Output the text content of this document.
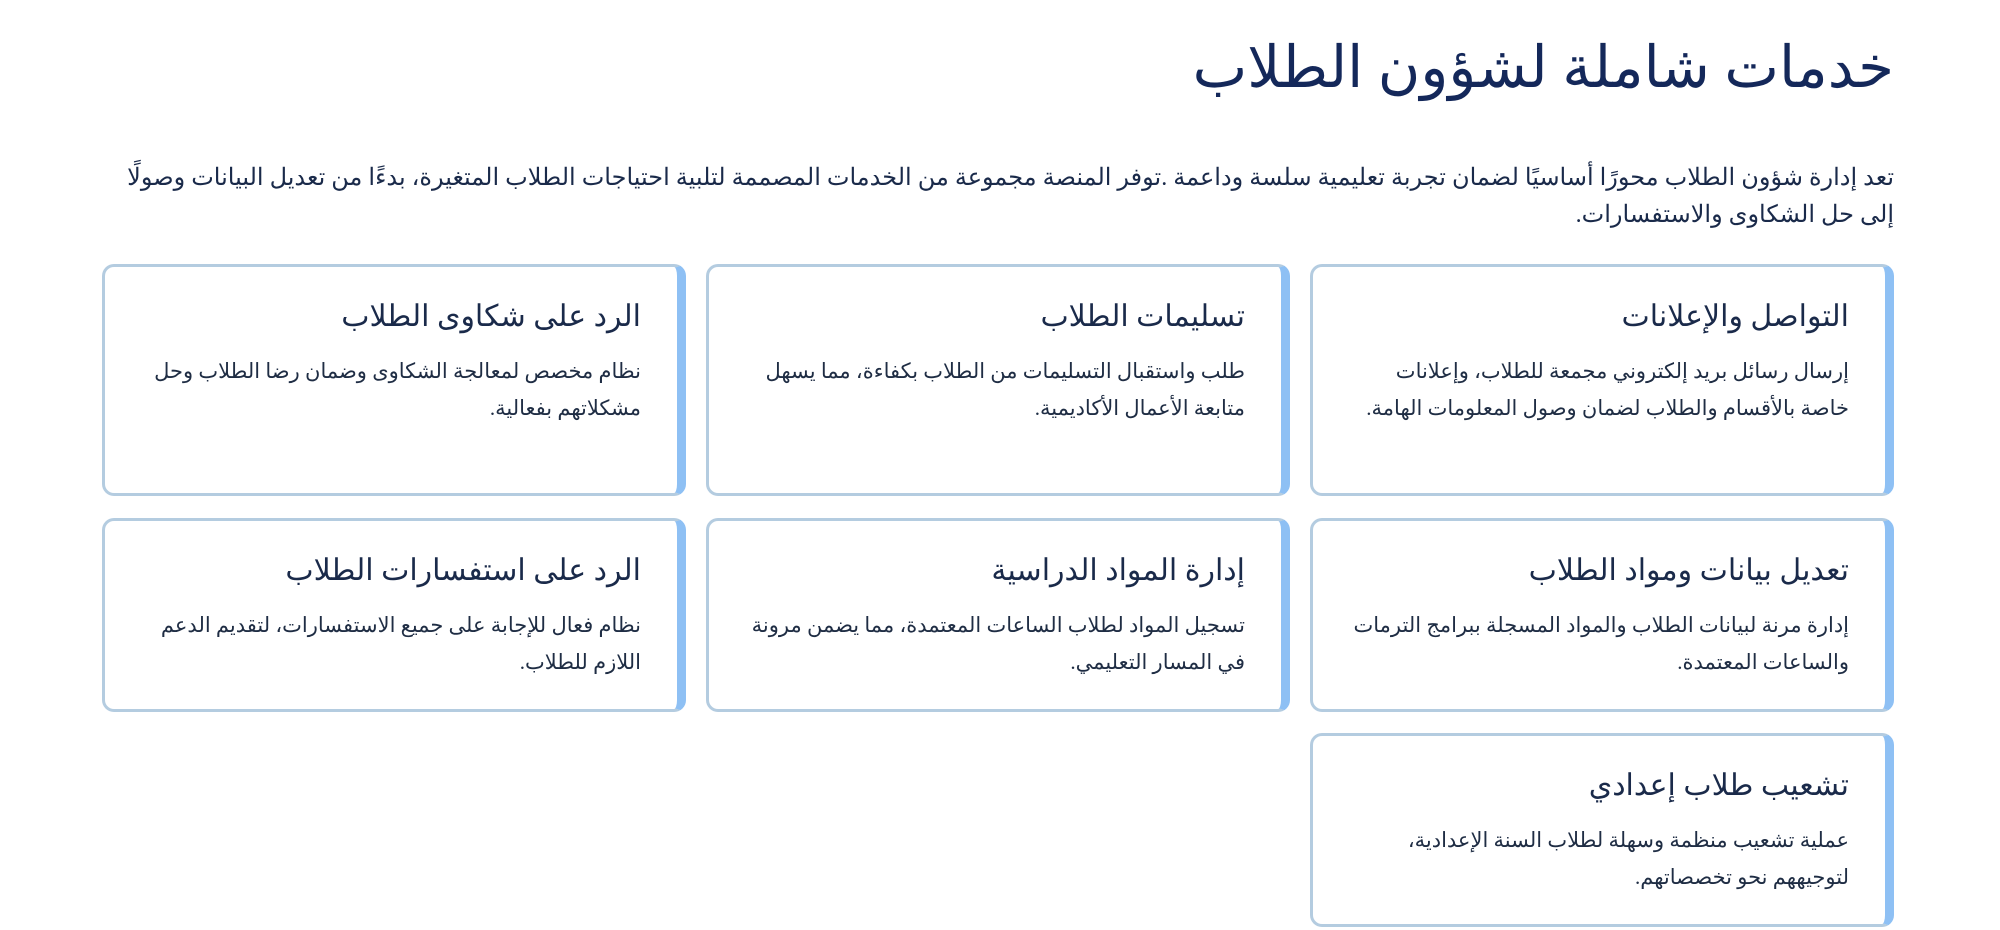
خدمات شاملة لشؤون الطلاب

تعد إدارة شؤون الطلاب محورًا أساسيًا لضمان تجربة تعليمية سلسة وداعمة .توفر المنصة مجموعة من الخدمات المصممة لتلبية احتياجات الطلاب المتغيرة، بدءًا من تعديل البيانات وصولًا إلى حل الشكاوى والاستفسارات.

التواصل والإعلانات

إرسال رسائل بريد إلكتروني مجمعة للطلاب، وإعلانات خاصة بالأقسام والطلاب لضمان وصول المعلومات الهامة.

تسليمات الطلاب

طلب واستقبال التسليمات من الطلاب بكفاءة، مما يسهل متابعة الأعمال الأكاديمية.

الرد على شكاوى الطلاب

نظام مخصص لمعالجة الشكاوى وضمان رضا الطلاب وحل مشكلاتهم بفعالية.

تعديل بيانات ومواد الطلاب

إدارة مرنة لبيانات الطلاب والمواد المسجلة ببرامج الترمات والساعات المعتمدة.

إدارة المواد الدراسية

تسجيل المواد لطلاب الساعات المعتمدة، مما يضمن مرونة في المسار التعليمي.

الرد على استفسارات الطلاب

نظام فعال للإجابة على جميع الاستفسارات، لتقديم الدعم اللازم للطلاب.

تشعيب طلاب إعدادي

عملية تشعيب منظمة وسهلة لطلاب السنة الإعدادية، لتوجيههم نحو تخصصاتهم.
